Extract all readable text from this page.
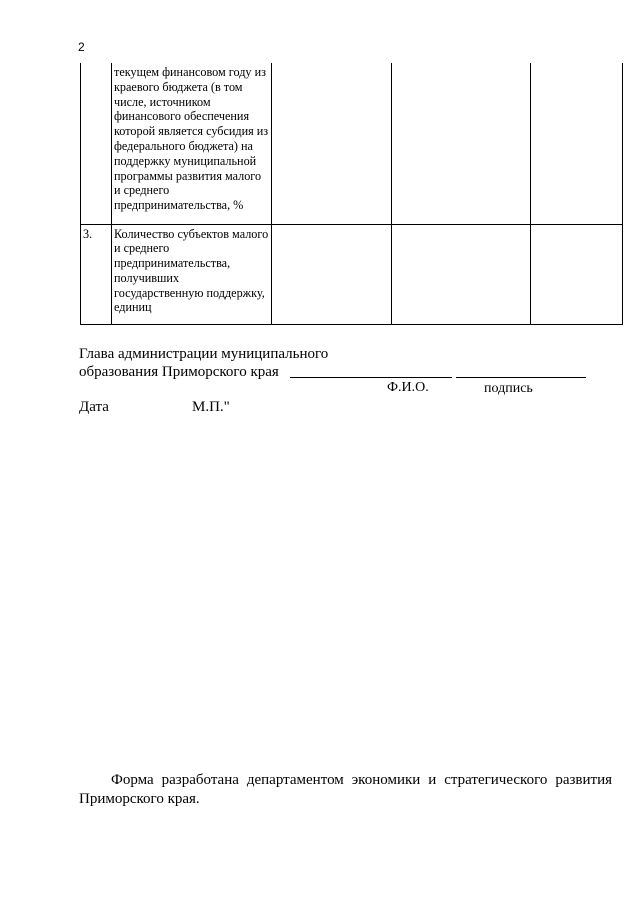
2
	текущем финансовом году из краевого бюджета (в том числе, источником финансового обеспечения которой является субсидия из федерального бюджета) на поддержку муниципальной программы развития малого и среднего предпринимательства, %			
3.	Количество субъектов малого и среднего предпринимательства, получивших государственную поддержку, единиц			
Глава администрации муниципального
образования Приморского края
Ф.И.О.	подпись
Дата	М.П."
Форма разработана департаментом экономики и стратегического развития Приморского края.
